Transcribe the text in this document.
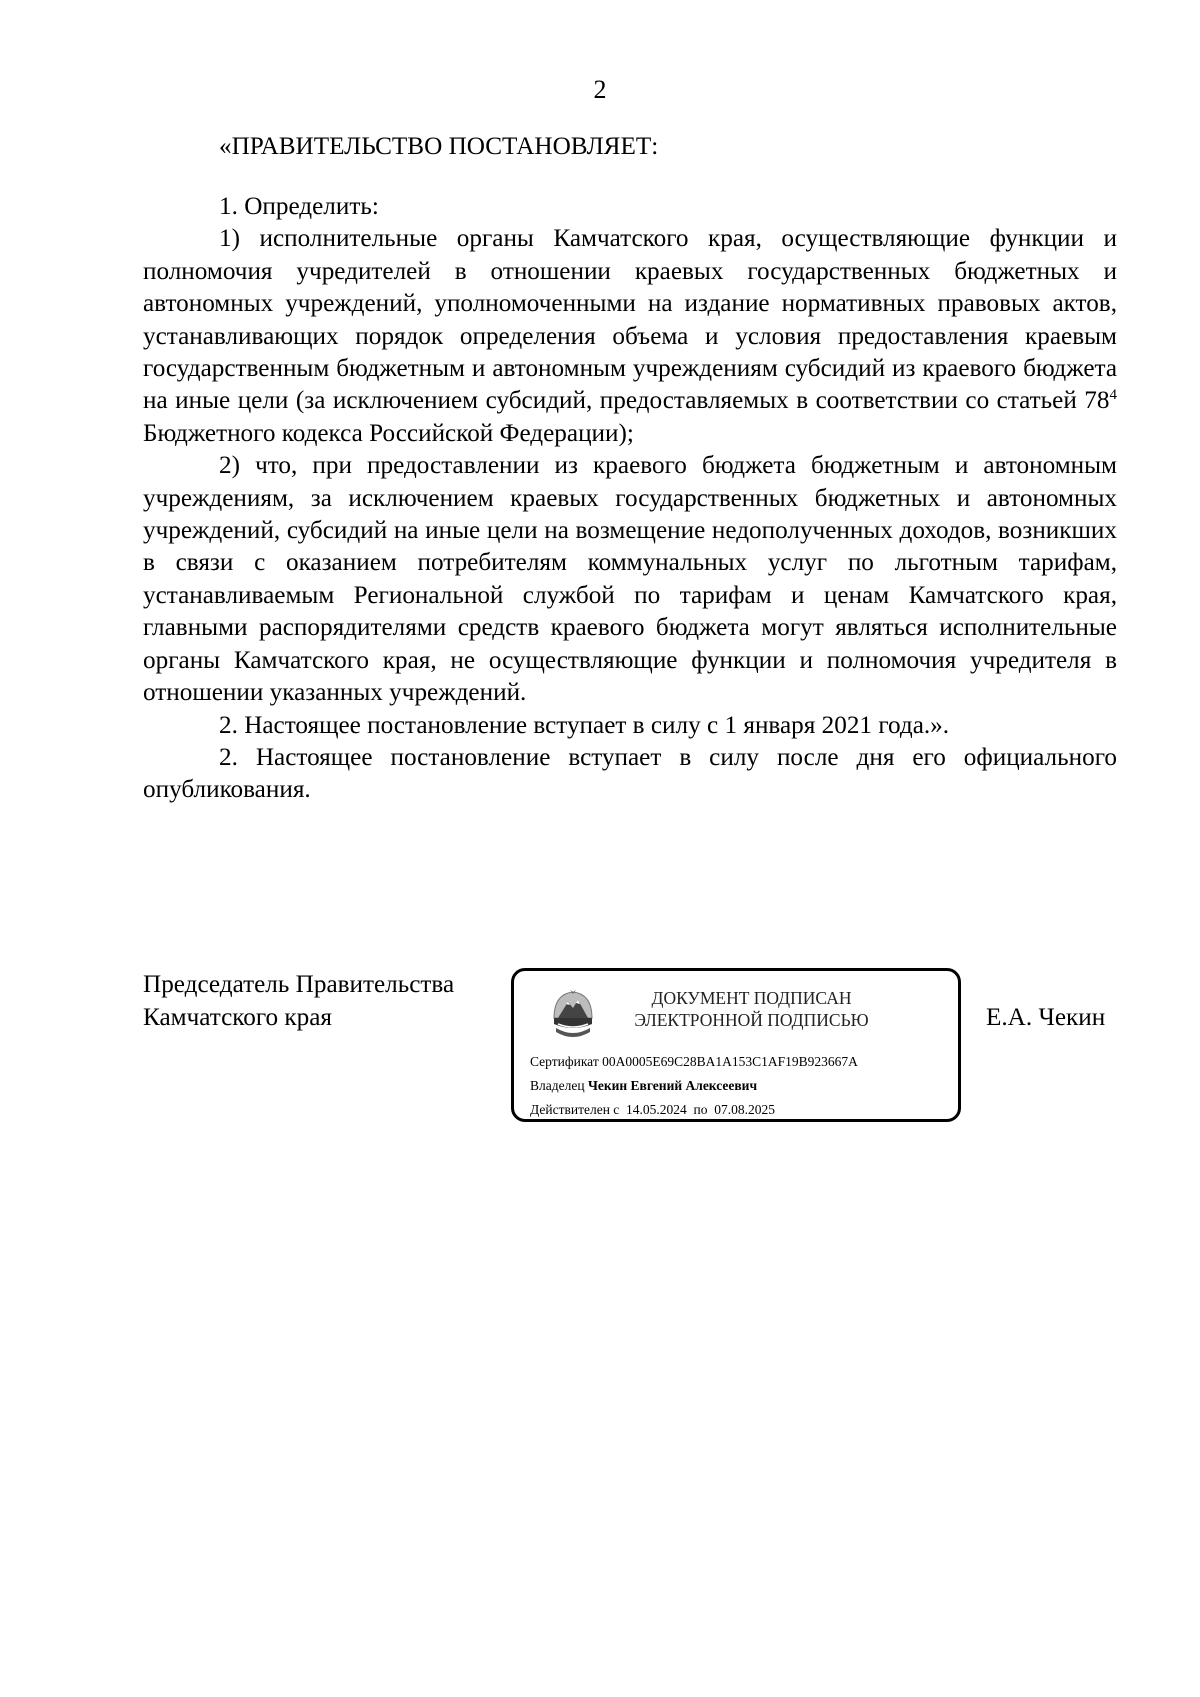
2

«ПРАВИТЕЛЬСТВО ПОСТАНОВЛЯЕТ:

1. Определить:

1) исполнительные органы Камчатского края, осуществляющие функции и полномочия учредителей в отношении краевых государственных бюджетных и автономных учреждений, уполномоченными на издание нормативных правовых актов, устанавливающих порядок определения объема и условия предоставления краевым государственным бюджетным и автономным учреждениям субсидий из краевого бюджета на иные цели (за исключением субсидий, предоставляемых в соответствии со статьей $78^4$ Бюджетного кодекса Российской Федерации);

2) что, при предоставлении из краевого бюджета бюджетным и автономным учреждениям, за исключением краевых государственных бюджетных и автономных учреждений, субсидий на иные цели на возмещение недополученных доходов, возникших в связи с оказанием потребителям коммунальных услуг по льготным тарифам, устанавливаемым Региональной службой по тарифам и ценам Камчатского края, главными распорядителями средств краевого бюджета могут являться исполнительные органы Камчатского края, не осуществляющие функции и полномочия учредителя в отношении указанных учреждений.

2. Настоящее постановление вступает в силу с 1 января 2021 года.».

2. Настоящее постановление вступает в силу после дня его официального опубликования.

Председатель Правительства
Камчатского края
ДОКУМЕНТ ПОДПИСАН
ЭЛЕКТРОННОЙ ПОДПИСЬЮ
Сертификат 00A0005E69C28BA1A153C1AF19B923667A
Владелец Чекин Евгений Алексеевич
Действителен с 14.05.2024 по 07.08.2025
Е.А. Чекин
